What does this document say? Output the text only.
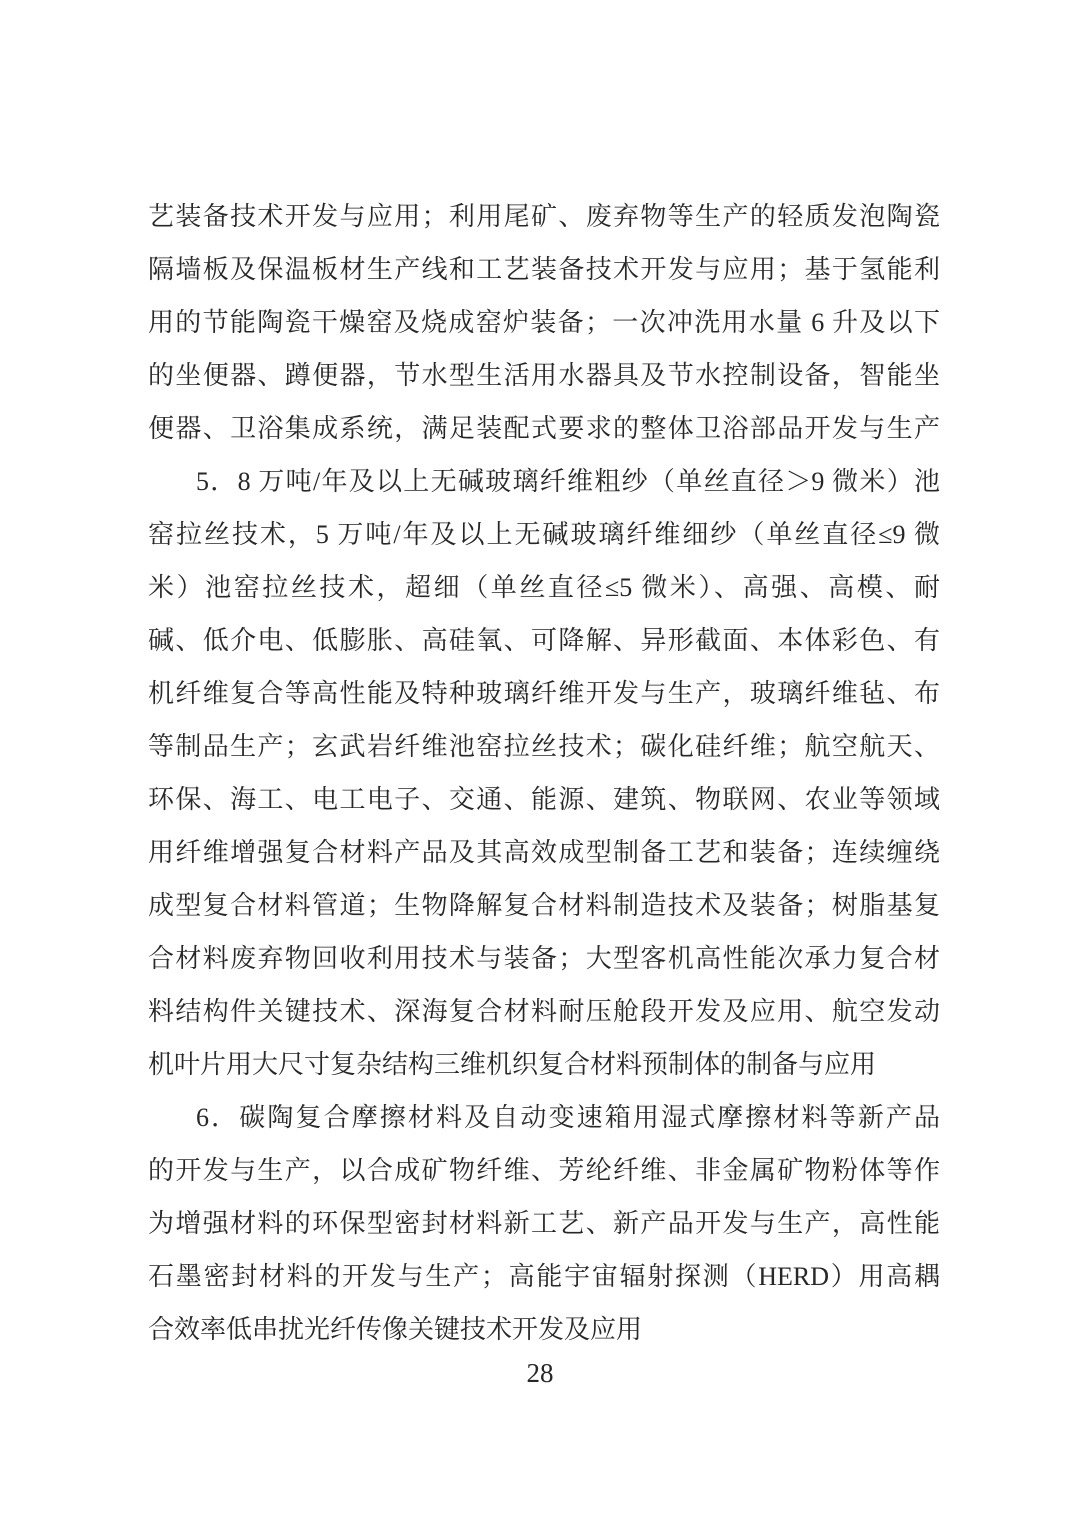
艺装备技术开发与应用；利用尾矿、废弃物等生产的轻质发泡陶瓷
隔墙板及保温板材生产线和工艺装备技术开发与应用；基于氢能利
用的节能陶瓷干燥窑及烧成窑炉装备；一次冲洗用水量 6 升及以下
的坐便器、蹲便器，节水型生活用水器具及节水控制设备，智能坐
便器、卫浴集成系统，满足装配式要求的整体卫浴部品开发与生产
5．8 万吨/年及以上无碱玻璃纤维粗纱（单丝直径＞9 微米）池
窑拉丝技术，5 万吨/年及以上无碱玻璃纤维细纱（单丝直径≤9 微
米）池窑拉丝技术，超细（单丝直径≤5 微米）、高强、高模、耐
碱、低介电、低膨胀、高硅氧、可降解、异形截面、本体彩色、有
机纤维复合等高性能及特种玻璃纤维开发与生产，玻璃纤维毡、布
等制品生产；玄武岩纤维池窑拉丝技术；碳化硅纤维；航空航天、
环保、海工、电工电子、交通、能源、建筑、物联网、农业等领域
用纤维增强复合材料产品及其高效成型制备工艺和装备；连续缠绕
成型复合材料管道；生物降解复合材料制造技术及装备；树脂基复
合材料废弃物回收利用技术与装备；大型客机高性能次承力复合材
料结构件关键技术、深海复合材料耐压舱段开发及应用、航空发动
机叶片用大尺寸复杂结构三维机织复合材料预制体的制备与应用
6．碳陶复合摩擦材料及自动变速箱用湿式摩擦材料等新产品
的开发与生产，以合成矿物纤维、芳纶纤维、非金属矿物粉体等作
为增强材料的环保型密封材料新工艺、新产品开发与生产，高性能
石墨密封材料的开发与生产；高能宇宙辐射探测（HERD）用高耦
合效率低串扰光纤传像关键技术开发及应用
28
